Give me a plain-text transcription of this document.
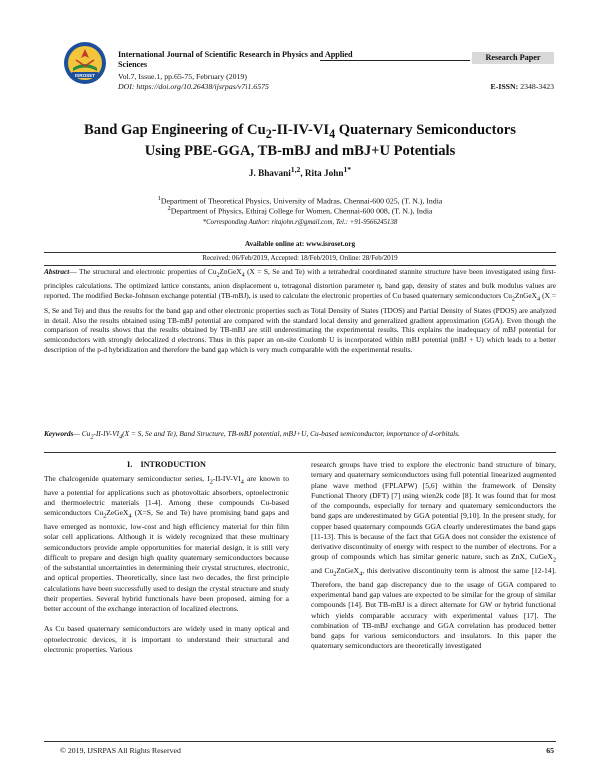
ISROSET
International Journal of Scientific Research in Physics and Applied Sciences
Research Paper
Vol.7, Issue.1, pp.65-75, February (2019)
DOI: https://doi.org/10.26438/ijsrpas/v7i1.6575	E-ISSN: 2348-3423
Band Gap Engineering of $Cu_2-II-IV-VI_4$ Quaternary Semiconductors
Using PBE-GGA, TB-mBJ and mBJ+U Potentials
J. Bhavani$^{1,2}$, Rita John$^{1*}$
$^1$Department of Theoretical Physics, University of Madras, Chennai-600 025, (T. N.), India
$^2$Department of Physics, Ethiraj College for Women, Chennai-600 008, (T. N.), India
*Corresponding Author: ritajohn.r@gmail.com, Tel.: +91-9566245138
Available online at: www.isroset.org
Received: 06/Feb/2019, Accepted: 18/Feb/2019, Online: 28/Feb/2019
Abstract— The structural and electronic properties of $Cu_2ZnGeX_4$ (X = S, Se and Te) with a tetrahedral coordinated stannite structure have been investigated using first-principles calculations. The optimized lattice constants, anion displacement u, tetragonal distortion parameter η, band gap, density of states and bulk modulus values are reported. The modified Becke-Johnson exchange potential (TB-mBJ), is used to calculate the electronic properties of Cu based quaternary semiconductors $Cu_2ZnGeX_4$ (X = S, Se and Te) and thus the results for the band gap and other electronic properties such as Total Density of States (TDOS) and Partial Density of States (PDOS) are analyzed in detail. Also the results obtained using TB-mBJ potential are compared with the standard local density and generalized gradient approximation (GGA). Even though the comparison of results shows that the results obtained by TB-mBJ are still underestimating the experimental results. This explains the inadequacy of mBJ potential for semiconductors with strongly delocalized d electrons. Thus in this paper an on-site Coulomb U is incorporated within mBJ potential (mBJ + U) which leads to a better description of the p-d hybridization and therefore the band gap which is very much comparable with the experimental results.
Keywords— $Cu_2-II-IV-VI_4(X = S$, Se and Te), Band Structure, TB-mBJ potential, mBJ+U, Cu-based semiconductor, importance of d-orbitals.
I. INTRODUCTION

The chalcogenide quaternary semiconductor series, $I_2-II-IV-VI_4$ are known to have a potential for applications such as photovoltaic absorbers, optoelectronic and thermoelectric materials [1-4]. Among these compounds Cu-based semiconductors $Cu_2ZeGeX_4$ (X=S, Se and Te) have promising band gaps and have emerged as nontoxic, low-cost and high efficiency material for thin film solar cell applications. Although it is widely recognized that these multinary semiconductors provide ample opportunities for material design, it is still very difficult to prepare and design high quality quaternary semiconductors because of the substantial uncertainties in determining their crystal structures, electronic, and optical properties. Theoretically, since last two decades, the first principle calculations have been successfully used to design the crystal structure and study their properties. Several hybrid functionals have been proposed, aiming for a better account of the exchange interaction of localized electrons.

As Cu based quaternary semiconductors are widely used in many optical and optoelectronic devices, it is important to understand their structural and electronic properties. Various

research groups have tried to explore the electronic band structure of binary, ternary and quaternary semiconductors using full potential linearized augmented plane wave method (FPLAPW) [5,6] within the framework of Density Functional Theory (DFT) [7] using wien2k code [8]. It was found that for most of the compounds, especially for ternary and quaternary semiconductors the band gaps are underestimated by GGA potential [9,10]. In the present study, for copper based quaternary compounds GGA clearly underestimates the band gaps [11-13]. This is because of the fact that GGA does not consider the existence of derivative discontinuity of energy with respect to the number of electrons. For a group of compounds which has similar generic nature, such as ZnX, CuGeX$_2$ and $Cu_2ZnGeX_4$, this derivative discontinuity term is almost the same [12-14]. Therefore, the band gap discrepancy due to the usage of GGA compared to experimental band gap values are expected to be similar for the group of similar compounds [14]. But TB-mBJ is a direct alternate for GW or hybrid functional which yields comparable accuracy with experimental values [17]. The combination of TB-mBJ exchange and GGA correlation has produced better band gaps for various semiconductors and insulators. In this paper the quaternary semiconductors are theoretically investigated

© 2019, IJSRPAS All Rights Reserved	65
